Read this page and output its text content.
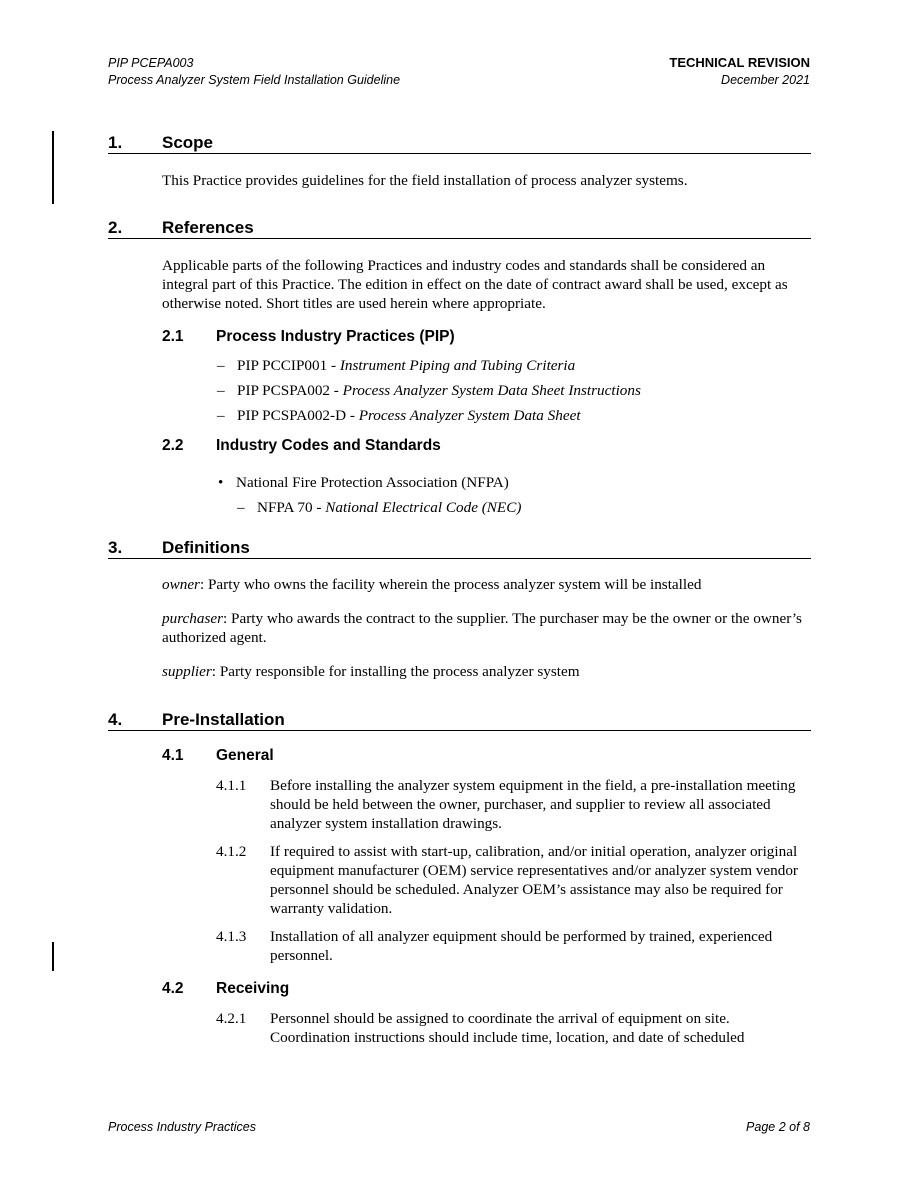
PIP PCEPA003
Process Analyzer System Field Installation Guideline
TECHNICAL REVISION
December 2021
1. Scope
This Practice provides guidelines for the field installation of process analyzer systems.
2. References
Applicable parts of the following Practices and industry codes and standards shall be considered an integral part of this Practice. The edition in effect on the date of contract award shall be used, except as otherwise noted. Short titles are used herein where appropriate.
2.1 Process Industry Practices (PIP)
– PIP PCCIP001 - Instrument Piping and Tubing Criteria
– PIP PCSPA002 - Process Analyzer System Data Sheet Instructions
– PIP PCSPA002-D - Process Analyzer System Data Sheet
2.2 Industry Codes and Standards
• National Fire Protection Association (NFPA)
– NFPA 70 - National Electrical Code (NEC)
3. Definitions
owner: Party who owns the facility wherein the process analyzer system will be installed
purchaser: Party who awards the contract to the supplier. The purchaser may be the owner or the owner’s authorized agent.
supplier: Party responsible for installing the process analyzer system
4. Pre-Installation
4.1 General
4.1.1 Before installing the analyzer system equipment in the field, a pre-installation meeting should be held between the owner, purchaser, and supplier to review all associated analyzer system installation drawings.
4.1.2 If required to assist with start-up, calibration, and/or initial operation, analyzer original equipment manufacturer (OEM) service representatives and/or analyzer system vendor personnel should be scheduled. Analyzer OEM’s assistance may also be required for warranty validation.
4.1.3 Installation of all analyzer equipment should be performed by trained, experienced personnel.
4.2 Receiving
4.2.1 Personnel should be assigned to coordinate the arrival of equipment on site. Coordination instructions should include time, location, and date of scheduled
Process Industry Practices	Page 2 of 8
